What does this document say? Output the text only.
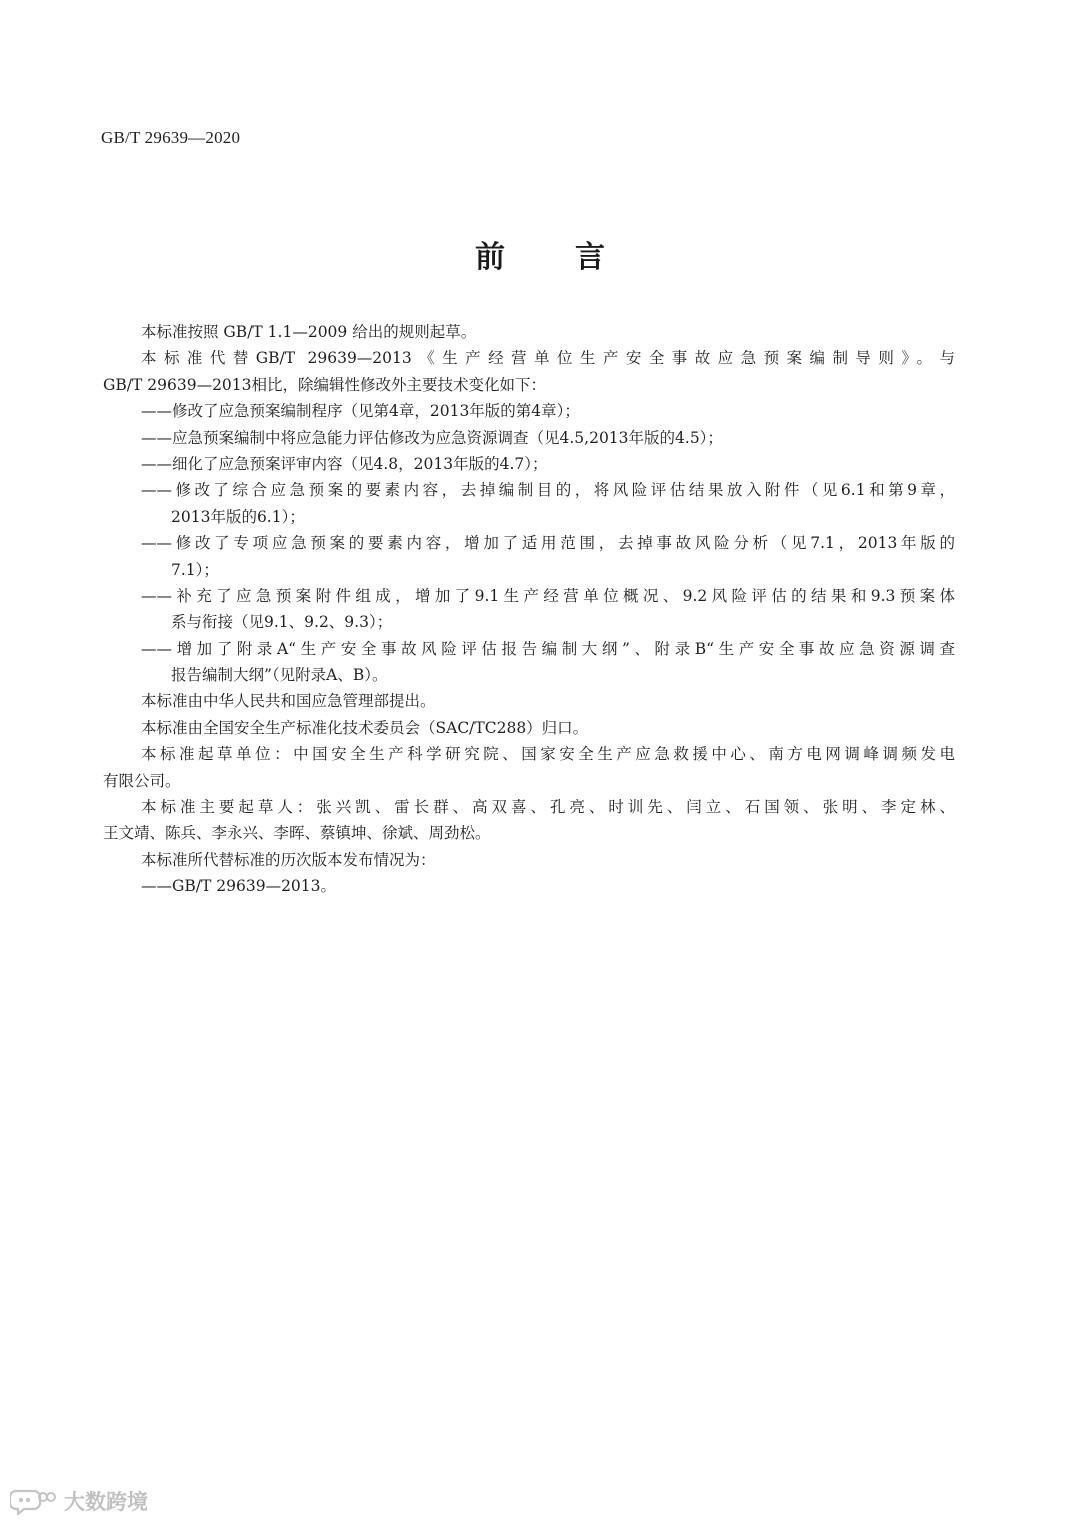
GB/T 29639—2020
前言
本标准按照 GB/T 1.1—2009 给出的规则起草。
本标准代替GB/T 29639—2013《生产经营单位生产安全事故应急预案编制导则》。与
GB/T 29639—2013相比，除编辑性修改外主要技术变化如下：
——修改了应急预案编制程序（见第4章，2013年版的第4章）；
——应急预案编制中将应急能力评估修改为应急资源调查（见4.5,2013年版的4.5）；
——细化了应急预案评审内容（见4.8，2013年版的4.7）；
——修改了综合应急预案的要素内容，去掉编制目的，将风险评估结果放入附件（见6.1和第9章，
2013年版的6.1）；
——修改了专项应急预案的要素内容，增加了适用范围，去掉事故风险分析（见7.1，2013年版的
7.1）；
——补充了应急预案附件组成，增加了9.1生产经营单位概况、9.2风险评估的结果和9.3预案体
系与衔接（见9.1、9.2、9.3）；
——增加了附录A“生产安全事故风险评估报告编制大纲”、附录B“生产安全事故应急资源调查
报告编制大纲”（见附录A、B）。
本标准由中华人民共和国应急管理部提出。
本标准由全国安全生产标准化技术委员会（SAC/TC288）归口。
本标准起草单位：中国安全生产科学研究院、国家安全生产应急救援中心、南方电网调峰调频发电
有限公司。
本标准主要起草人：张兴凯、雷长群、高双喜、孔亮、时训先、闫立、石国领、张明、李定林、
王文靖、陈兵、李永兴、李晖、蔡镇坤、徐斌、周劲松。
本标准所代替标准的历次版本发布情况为：
——GB/T 29639—2013。
大数跨境
